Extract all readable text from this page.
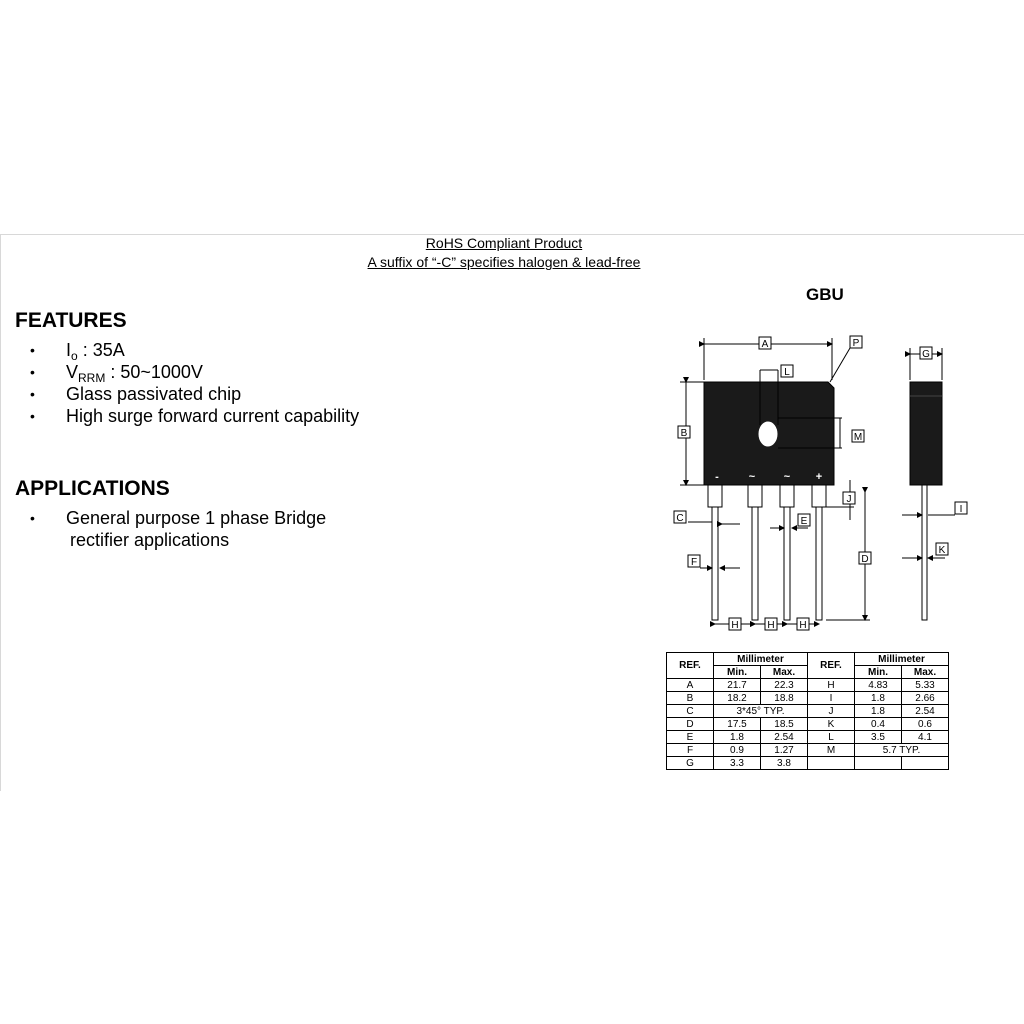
RoHS Compliant Product
A suffix of “-C” specifies halogen & lead-free
FEATURES
• $I_o$ : 35A
• $V_{RRM}$ : 50~1000V
• Glass passivated chip
• High surge forward current capability
APPLICATIONS
• General purpose 1 phase Bridge
rectifier applications
GBU
-	~	~ +
A	P
L
B	M
J
C	E
D
F
H	H H
G
I
K
REF.	Millimeter		REF.	Millimeter	
	Min.	Max.		Min.	Max.
A	21.7	22.3	H	4.83	5.33
B	18.2	18.8	I	1.8	2.66
C	3*45° TYP.		J	1.8	2.54
D	17.5	18.5	K	0.4	0.6
E	1.8	2.54	L	3.5	4.1
F	0.9	1.27	M	5.7 TYP.	
G	3.3	3.8			
